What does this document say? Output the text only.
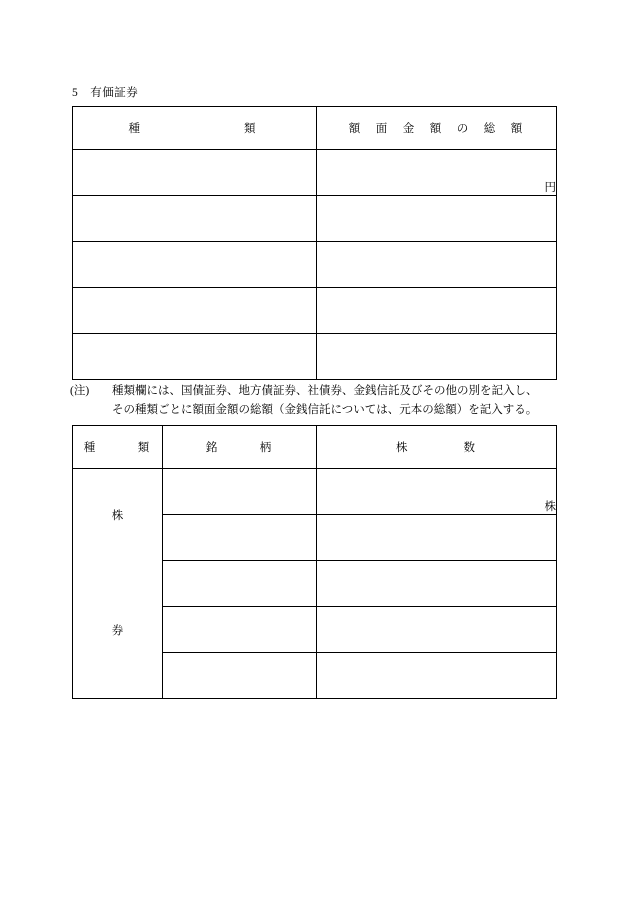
5 有価証券
種　　　　　　類	額　面　金　額　の　総　額
	円

(注) 種類欄には、国債証券、地方債証券、社債券、金銭信託及びその他の別を記入し、
その種類ごとに額面金額の総額（金銭信託については、元本の総額）を記入する。
種　　　類	銘　　　柄	株　　　　数
株		株

券		
